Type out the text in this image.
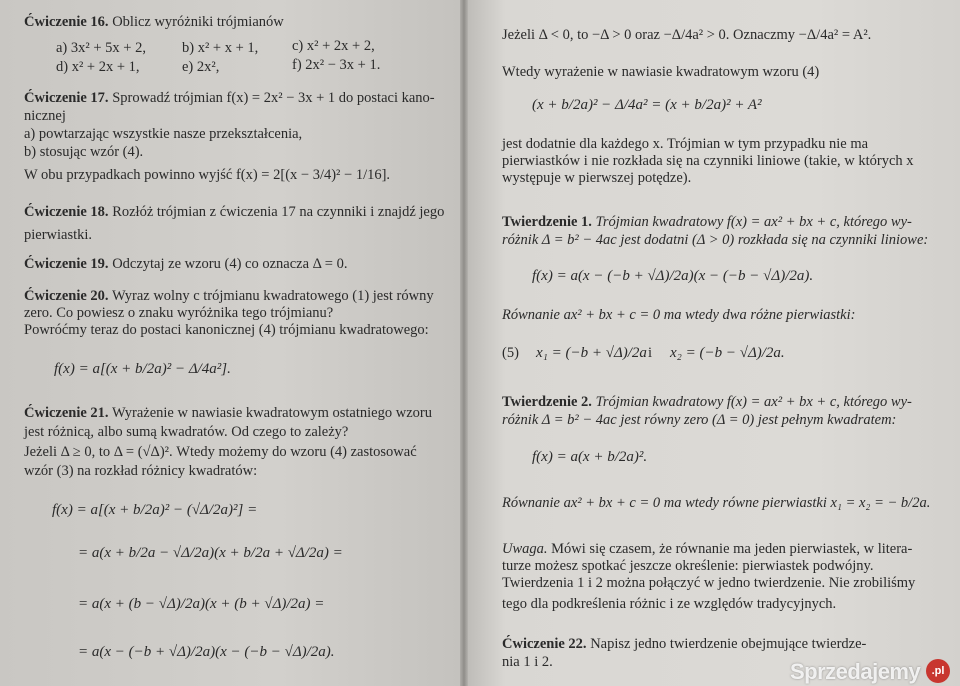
Ćwiczenie 16. Oblicz wyróżniki trójmianów
a) 3x² + 5x + 2, b) x² + x + 1, c) x² + 2x + 2,
d) x² + 2x + 1,	e) 2x²,	f) 2x² − 3x + 1.
Ćwiczenie 17. Sprowadź trójmian f(x) = 2x² − 3x + 1 do postaci kano-
nicznej
a) powtarzając wszystkie nasze przekształcenia,
b) stosując wzór (4).
W obu przypadkach powinno wyjść f(x) = 2[(x − 3/4)² − 1/16].
Ćwiczenie 18. Rozłóż trójmian z ćwiczenia 17 na czynniki i znajdź jego
pierwiastki.
Ćwiczenie 19. Odczytaj ze wzoru (4) co oznacza Δ = 0.
Ćwiczenie 20. Wyraz wolny c trójmianu kwadratowego (1) jest równy
zero. Co powiesz o znaku wyróżnika tego trójmianu?
Powróćmy teraz do postaci kanonicznej (4) trójmianu kwadratowego:
f(x) = a[(x + b/2a)² − Δ/4a²].
Ćwiczenie 21. Wyrażenie w nawiasie kwadratowym ostatniego wzoru
jest różnicą, albo sumą kwadratów. Od czego to zależy?
Jeżeli Δ ≥ 0, to Δ = (√Δ)². Wtedy możemy do wzoru (4) zastosować
wzór (3) na rozkład różnicy kwadratów:
f(x) = a[(x + b/2a)² − (√Δ/2a)²] =
= a(x + b/2a − √Δ/2a)(x + b/2a + √Δ/2a) =
= a(x + (b − √Δ)/2a)(x + (b + √Δ)/2a) =
= a(x − (−b + √Δ)/2a)(x − (−b − √Δ)/2a).
Jeżeli Δ < 0, to −Δ > 0 oraz −Δ/4a² > 0. Oznaczmy −Δ/4a² = A².
Wtedy wyrażenie w nawiasie kwadratowym wzoru (4)
(x + b/2a)² − Δ/4a² = (x + b/2a)² + A²
jest dodatnie dla każdego x. Trójmian w tym przypadku nie ma
pierwiastków i nie rozkłada się na czynniki liniowe (takie, w których x
występuje w pierwszej potędze).
Twierdzenie 1. Trójmian kwadratowy f(x) = ax² + bx + c, którego wy-
różnik Δ = b² − 4ac jest dodatni (Δ > 0) rozkłada się na czynniki liniowe:
f(x) = a(x − (−b + √Δ)/2a)(x − (−b − √Δ)/2a).
Równanie ax² + bx + c = 0 ma wtedy dwa różne pierwiastki:
(5) x₁ = (−b + √Δ)/2a i x₂ = (−b − √Δ)/2a.
Twierdzenie 2. Trójmian kwadratowy f(x) = ax² + bx + c, którego wy-
różnik Δ = b² − 4ac jest równy zero (Δ = 0) jest pełnym kwadratem:
f(x) = a(x + b/2a)².
Równanie ax² + bx + c = 0 ma wtedy równe pierwiastki x₁ = x₂ = − b/2a.
Uwaga. Mówi się czasem, że równanie ma jeden pierwiastek, w litera-
turze możesz spotkać jeszcze określenie: pierwiastek podwójny.
Twierdzenia 1 i 2 można połączyć w jedno twierdzenie. Nie zrobiliśmy
tego dla podkreślenia różnic i ze względów tradycyjnych.
Ćwiczenie 22. Napisz jedno twierdzenie obejmujące twierdze-
nia 1 i 2.	Sprzedajemy	.pl
